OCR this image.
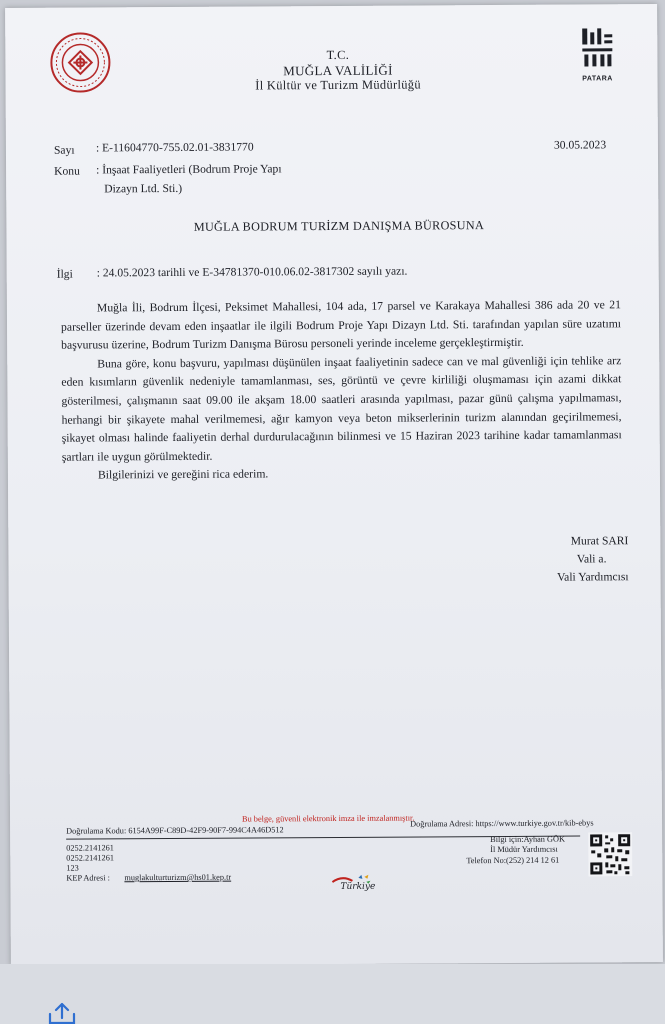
T.C.
MUĞLA VALİLİĞİ
İl Kültür ve Turizm Müdürlüğü	PATARA
Sayı : E-11604770-755.02.01-3831770	30.05.2023
Konu : İnşaat Faaliyetleri (Bodrum Proje Yapı
Dizayn Ltd. Sti.)
MUĞLA BODRUM TURİZM DANIŞMA BÜROSUNA
İlgi : 24.05.2023 tarihli ve E-34781370-010.06.02-3817302 sayılı yazı.

Muğla İli, Bodrum İlçesi, Peksimet Mahallesi, 104 ada, 17 parsel ve Karakaya Mahallesi 386 ada 20 ve 21 parseller üzerinde devam eden inşaatlar ile ilgili Bodrum Proje Yapı Dizayn Ltd. Sti. tarafından yapılan süre uzatımı başvurusu üzerine, Bodrum Turizm Danışma Bürosu personeli yerinde inceleme gerçekleştirmiştir.

Buna göre, konu başvuru, yapılması düşünülen inşaat faaliyetinin sadece can ve mal güvenliği için tehlike arz eden kısımların güvenlik nedeniyle tamamlanması, ses, görüntü ve çevre kirliliği oluşmaması için azami dikkat gösterilmesi, çalışmanın saat 09.00 ile akşam 18.00 saatleri arasında yapılması, pazar günü çalışma yapılmaması, herhangi bir şikayete mahal verilmemesi, ağır kamyon veya beton mikserlerinin turizm alanından geçirilmemesi, şikayet olması halinde faaliyetin derhal durdurulacağının bilinmesi ve 15 Haziran 2023 tarihine kadar tamamlanması şartları ile uygun görülmektedir.

Bilgilerinizi ve gereğini rica ederim.

Murat SARI
Vali a.
Vali Yardımcısı
Bu belge, güvenli elektronik imza ile imzalanmıştır.
Doğrulama Kodu: 6154A99F-C89D-42F9-90F7-994C4A46D512
Doğrulama Adresi: https://www.turkiye.gov.tr/kib-ebys
0252.2141261
0252.2141261
123
KEP Adresi : muglakulturturizm@hs01.kep.tr
Bilgi için:Ayhan GÖK
İl Müdür Yardımcısı
Telefon No:(252) 214 12 61
Türkiye
